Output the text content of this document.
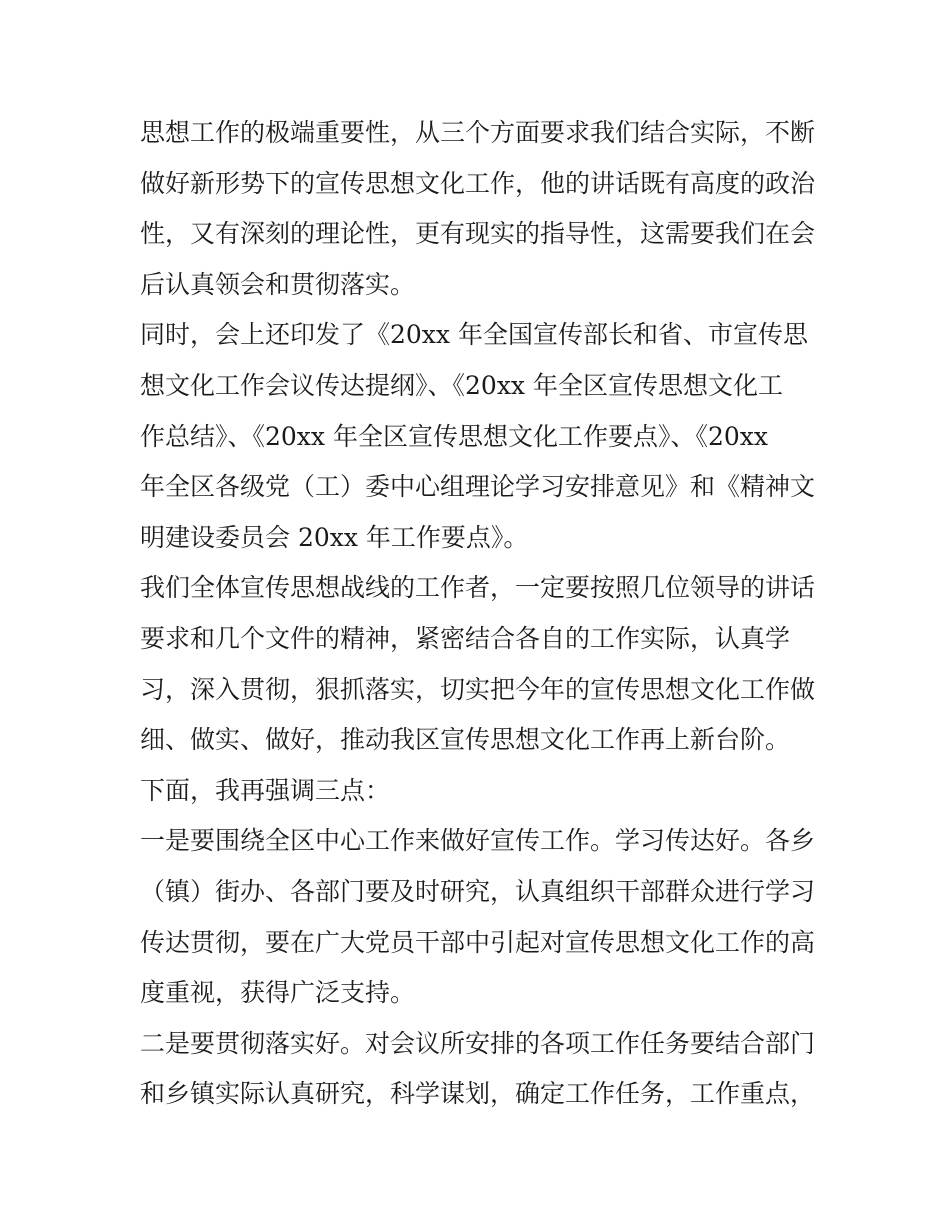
思想工作的极端重要性，从三个方面要求我们结合实际，不断
做好新形势下的宣传思想文化工作，他的讲话既有高度的政治
性，又有深刻的理论性，更有现实的指导性，这需要我们在会
后认真领会和贯彻落实。

同时，会上还印发了《20xx 年全国宣传部长和省、市宣传思
想文化工作会议传达提纲》、《20xx 年全区宣传思想文化工
作总结》、《20xx 年全区宣传思想文化工作要点》、《20xx
年全区各级党（工）委中心组理论学习安排意见》和《精神文
明建设委员会 20xx 年工作要点》。

我们全体宣传思想战线的工作者，一定要按照几位领导的讲话
要求和几个文件的精神，紧密结合各自的工作实际，认真学
习，深入贯彻，狠抓落实，切实把今年的宣传思想文化工作做
细、做实、做好，推动我区宣传思想文化工作再上新台阶。

下面，我再强调三点：

一是要围绕全区中心工作来做好宣传工作。学习传达好。各乡
（镇）街办、各部门要及时研究，认真组织干部群众进行学习
传达贯彻，要在广大党员干部中引起对宣传思想文化工作的高
度重视，获得广泛支持。

二是要贯彻落实好。对会议所安排的各项工作任务要结合部门
和乡镇实际认真研究，科学谋划，确定工作任务，工作重点，
